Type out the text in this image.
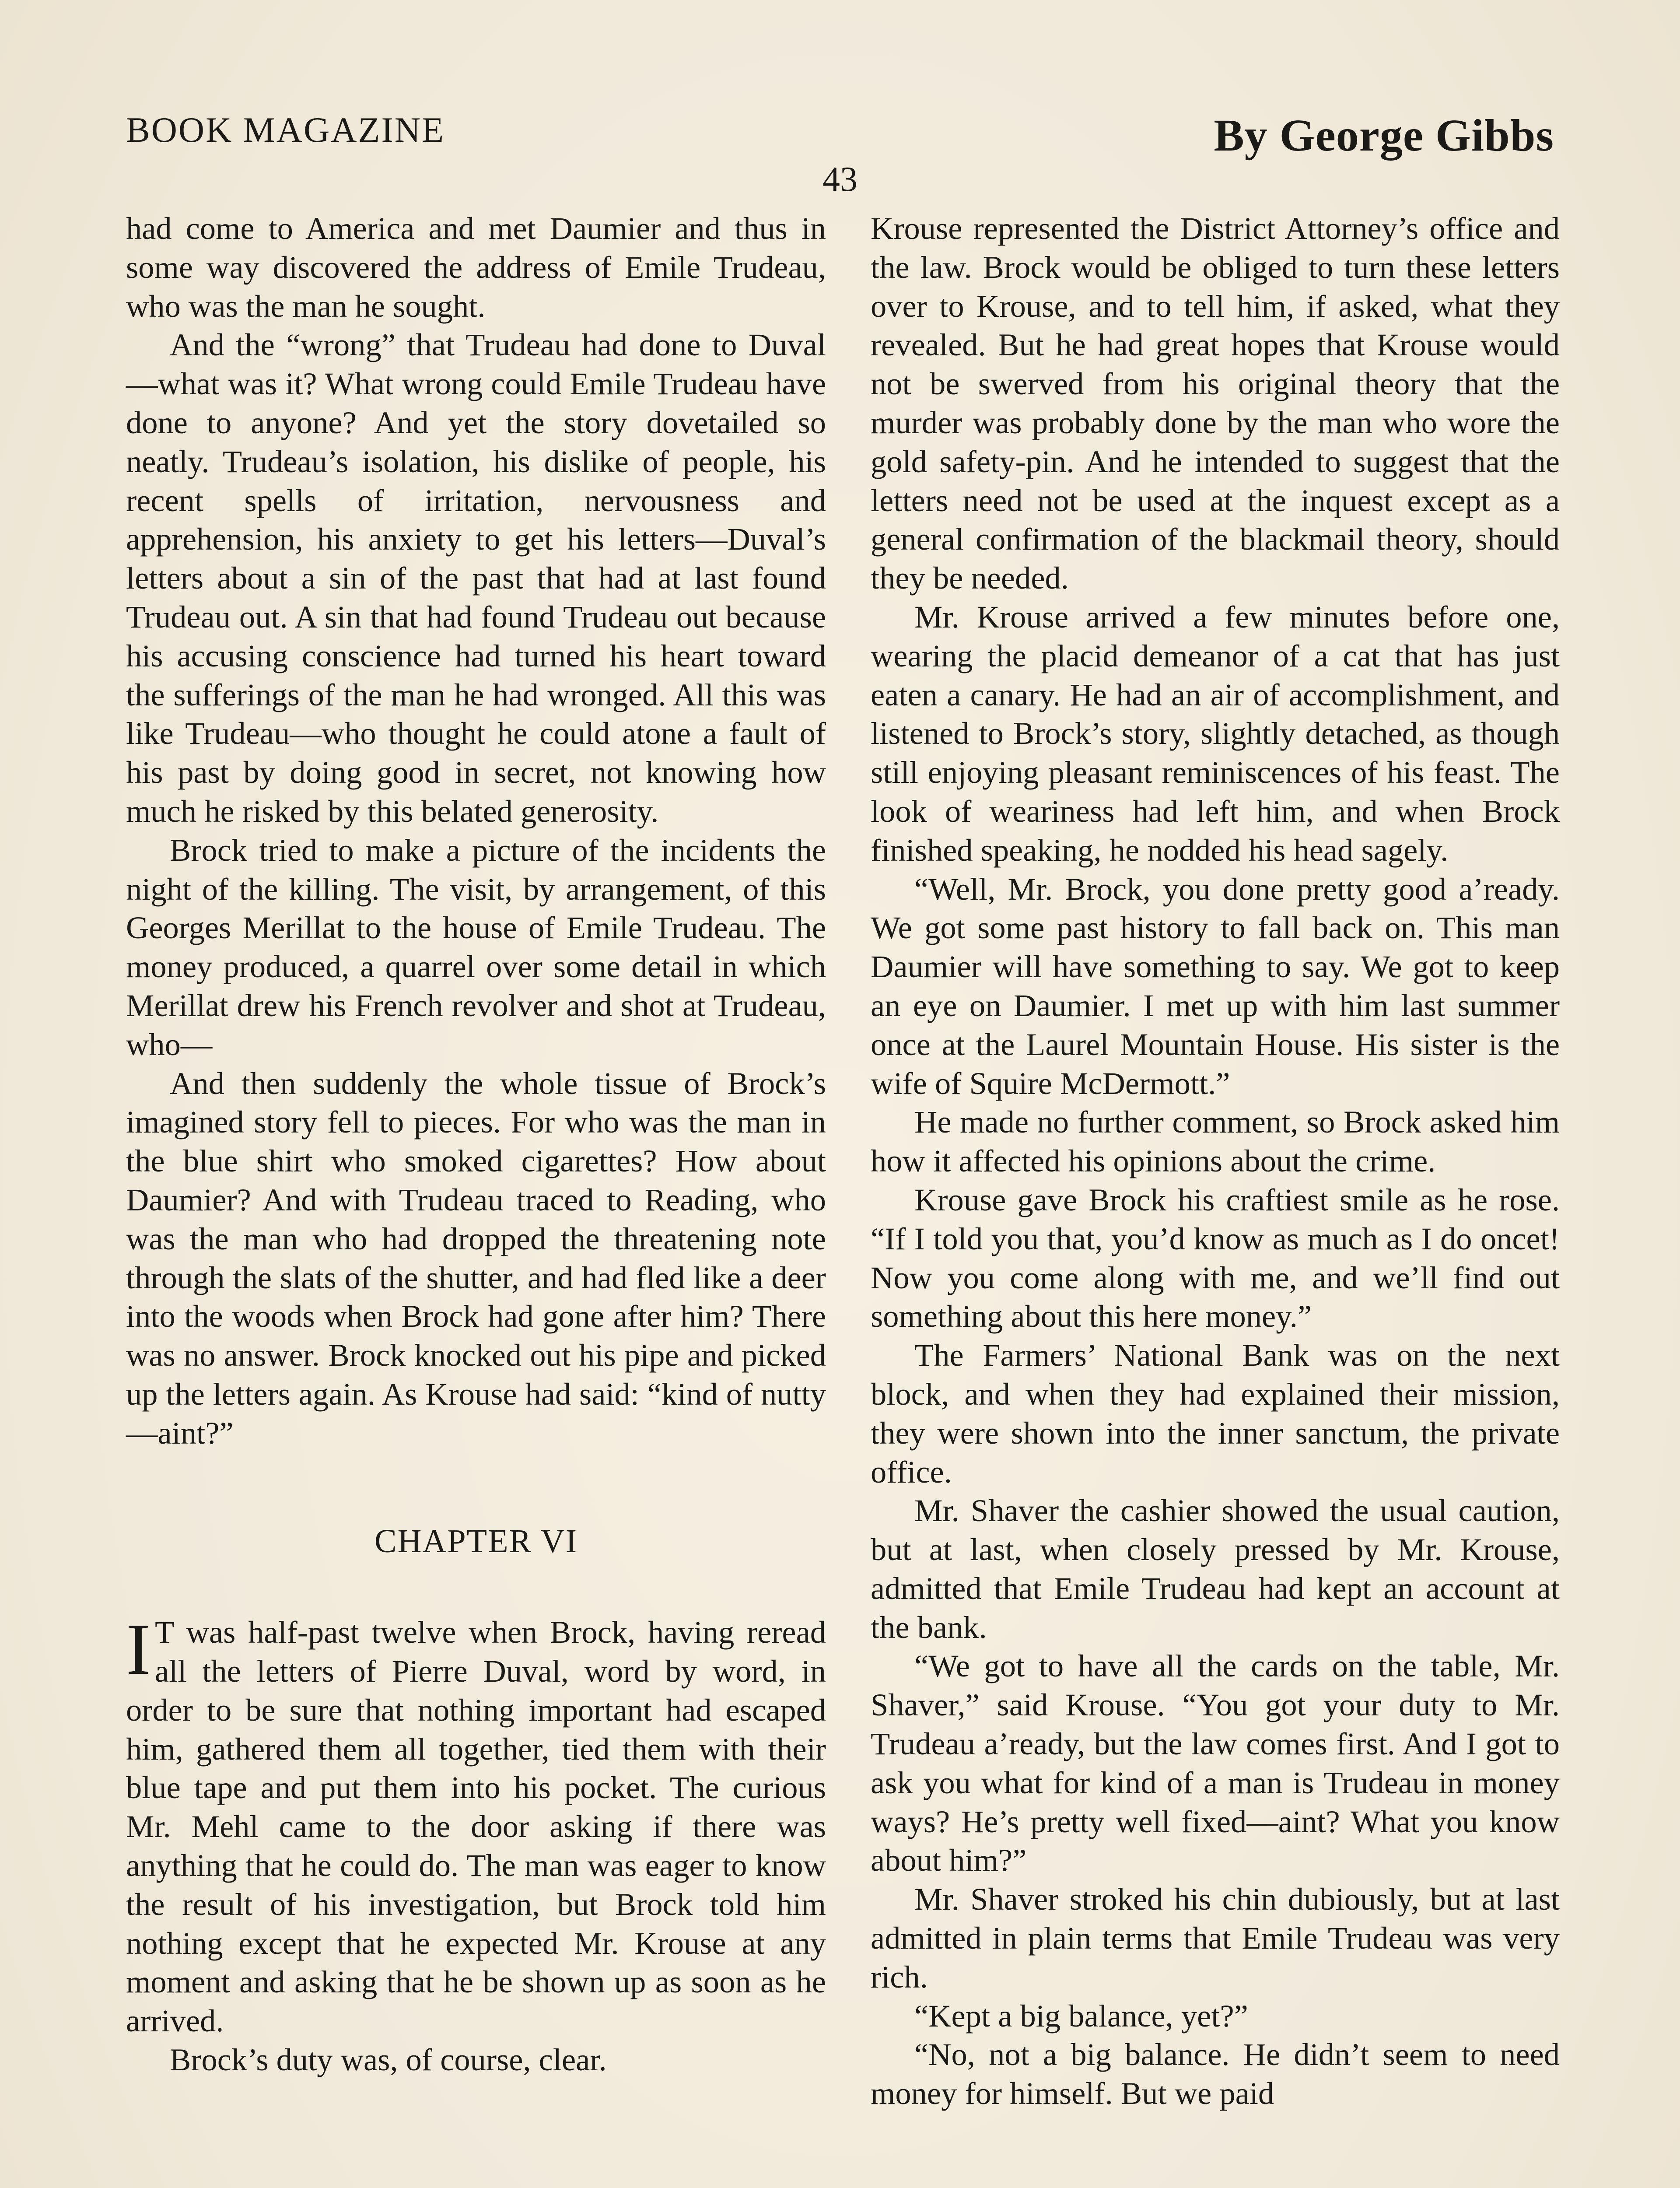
BOOK MAGAZINE	By George Gibbs
43

had come to America and met Daumier and thus in some way discovered the address of Emile Trudeau, who was the man he sought.

And the “wrong” that Trudeau had done to Duval—what was it? What wrong could Emile Trudeau have done to anyone? And yet the story dovetailed so neatly. Trudeau’s isolation, his dislike of people, his recent spells of irritation, nervousness and apprehension, his anxiety to get his letters—Duval’s letters about a sin of the past that had at last found Trudeau out. A sin that had found Trudeau out because his accusing conscience had turned his heart toward the sufferings of the man he had wronged. All this was like Trudeau—who thought he could atone a fault of his past by doing good in secret, not knowing how much he risked by this belated generosity.

Brock tried to make a picture of the incidents the night of the killing. The visit, by arrangement, of this Georges Merillat to the house of Emile Trudeau. The money produced, a quarrel over some detail in which Merillat drew his French revolver and shot at Trudeau, who—

And then suddenly the whole tissue of Brock’s imagined story fell to pieces. For who was the man in the blue shirt who smoked cigarettes? How about Daumier? And with Trudeau traced to Reading, who was the man who had dropped the threatening note through the slats of the shutter, and had fled like a deer into the woods when Brock had gone after him? There was no answer. Brock knocked out his pipe and picked up the letters again. As Krouse had said: “kind of nutty—aint?”

CHAPTER VI

I T was half-past twelve when Brock, having reread all the letters of Pierre Duval, word by word, in order to be sure that nothing important had escaped him, gathered them all together, tied them with their blue tape and put them into his pocket. The curious Mr. Mehl came to the door asking if there was anything that he could do. The man was eager to know the result of his investigation, but Brock told him nothing except that he expected Mr. Krouse at any moment and asking that he be shown up as soon as he arrived.

Brock’s duty was, of course, clear.

Krouse represented the District Attorney’s office and the law. Brock would be obliged to turn these letters over to Krouse, and to tell him, if asked, what they revealed. But he had great hopes that Krouse would not be swerved from his original theory that the murder was probably done by the man who wore the gold safety-pin. And he intended to suggest that the letters need not be used at the inquest except as a general confirmation of the blackmail theory, should they be needed.

Mr. Krouse arrived a few minutes before one, wearing the placid demeanor of a cat that has just eaten a canary. He had an air of accomplishment, and listened to Brock’s story, slightly detached, as though still enjoying pleasant reminiscences of his feast. The look of weariness had left him, and when Brock finished speaking, he nodded his head sagely.

“Well, Mr. Brock, you done pretty good a’ready. We got some past history to fall back on. This man Daumier will have something to say. We got to keep an eye on Daumier. I met up with him last summer once at the Laurel Mountain House. His sister is the wife of Squire McDermott.”

He made no further comment, so Brock asked him how it affected his opinions about the crime.

Krouse gave Brock his craftiest smile as he rose. “If I told you that, you’d know as much as I do oncet! Now you come along with me, and we’ll find out something about this here money.”

The Farmers’ National Bank was on the next block, and when they had explained their mission, they were shown into the inner sanctum, the private office.

Mr. Shaver the cashier showed the usual caution, but at last, when closely pressed by Mr. Krouse, admitted that Emile Trudeau had kept an account at the bank.

“We got to have all the cards on the table, Mr. Shaver,” said Krouse. “You got your duty to Mr. Trudeau a’ready, but the law comes first. And I got to ask you what for kind of a man is Trudeau in money ways? He’s pretty well fixed—aint? What you know about him?”

Mr. Shaver stroked his chin dubiously, but at last admitted in plain terms that Emile Trudeau was very rich.

“Kept a big balance, yet?”

“No, not a big balance. He didn’t seem to need money for himself. But we paid
